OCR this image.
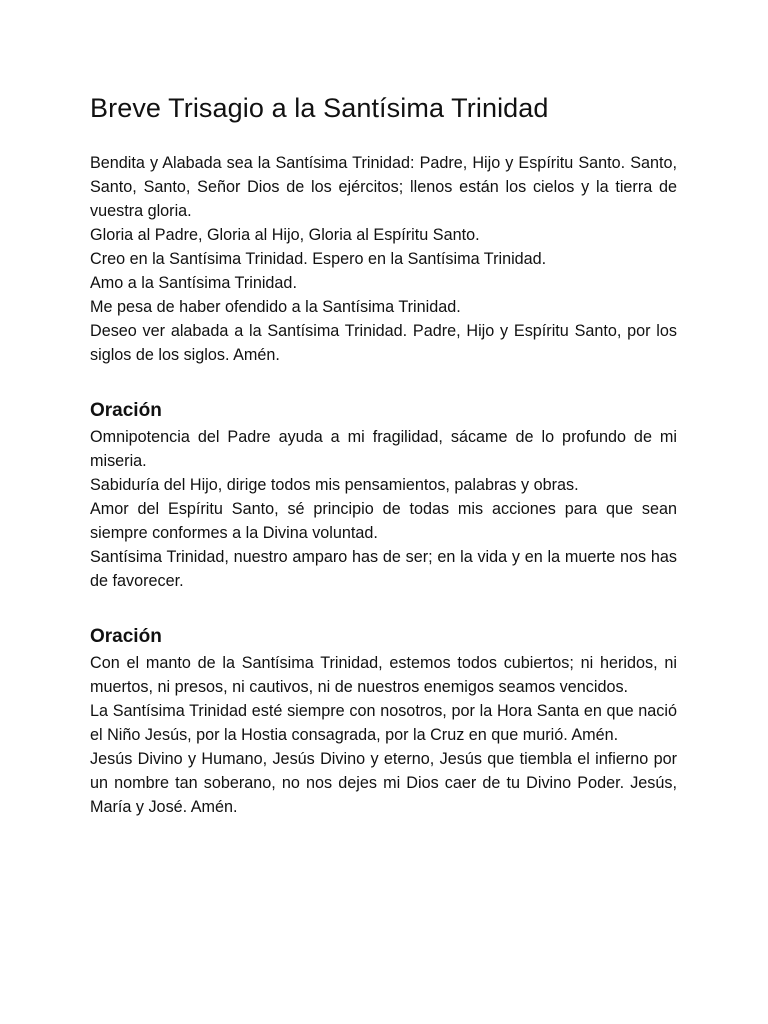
Breve Trisagio a la Santísima Trinidad

Bendita y Alabada sea la Santísima Trinidad: Padre, Hijo y Espíritu Santo. Santo, Santo, Santo, Señor Dios de los ejércitos; llenos están los cielos y la tierra de vuestra gloria.

Gloria al Padre, Gloria al Hijo, Gloria al Espíritu Santo.

Creo en la Santísima Trinidad. Espero en la Santísima Trinidad.

Amo a la Santísima Trinidad.

Me pesa de haber ofendido a la Santísima Trinidad.

Deseo ver alabada a la Santísima Trinidad. Padre, Hijo y Espíritu Santo, por los siglos de los siglos. Amén.

Oración

Omnipotencia del Padre ayuda a mi fragilidad, sácame de lo profundo de mi miseria.

Sabiduría del Hijo, dirige todos mis pensamientos, palabras y obras.

Amor del Espíritu Santo, sé principio de todas mis acciones para que sean siempre conformes a la Divina voluntad.

Santísima Trinidad, nuestro amparo has de ser; en la vida y en la muerte nos has de favorecer.

Oración

Con el manto de la Santísima Trinidad, estemos todos cubiertos; ni heridos, ni muertos, ni presos, ni cautivos, ni de nuestros enemigos seamos vencidos.

La Santísima Trinidad esté siempre con nosotros, por la Hora Santa en que nació el Niño Jesús, por la Hostia consagrada, por la Cruz en que murió. Amén.

Jesús Divino y Humano, Jesús Divino y eterno, Jesús que tiembla el infierno por un nombre tan soberano, no nos dejes mi Dios caer de tu Divino Poder. Jesús, María y José. Amén.
